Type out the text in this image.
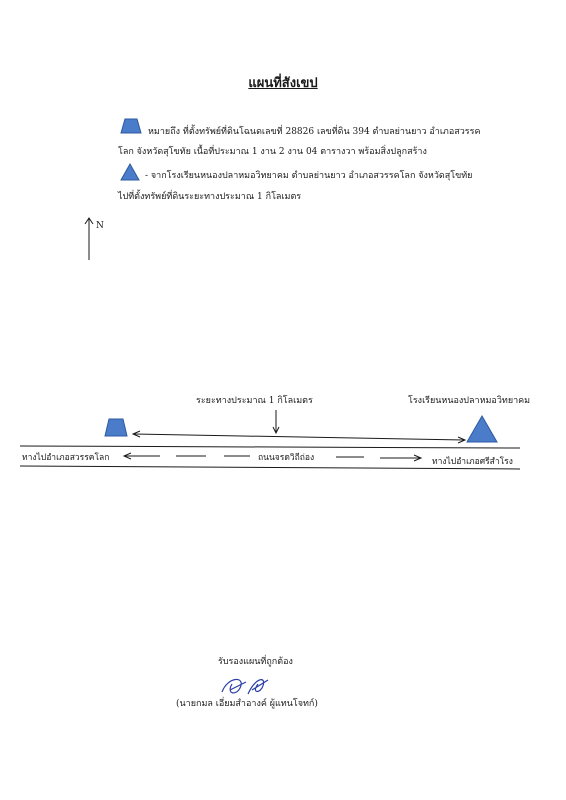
แผนที่สังเขป
หมายถึง ที่ตั้งทรัพย์ที่ดินโฉนดเลขที่ 28826 เลขที่ดิน 394 ตำบลย่านยาว อำเภอสวรรค
โลก จังหวัดสุโขทัย เนื้อที่ประมาณ 1 งาน 2 งาน 04 ตารางวา พร้อมสิ่งปลูกสร้าง
- จากโรงเรียนหนองปลาหมอวิทยาคม ตำบลย่านยาว อำเภอสวรรคโลก จังหวัดสุโขทัย
ไปที่ตั้งทรัพย์ที่ดินระยะทางประมาณ 1 กิโลเมตร
N
ระยะทางประมาณ 1 กิโลเมตร	โรงเรียนหนองปลาหมอวิทยาคม
ทางไปอำเภอสวรรคโลก	ถนนจรดวิถีถ่อง	ทางไปอำเภอศรีสำโรง
รับรองแผนที่ถูกต้อง
(นายกมล เอี่ยมสำอางค์ ผู้แทนโจทก์)
